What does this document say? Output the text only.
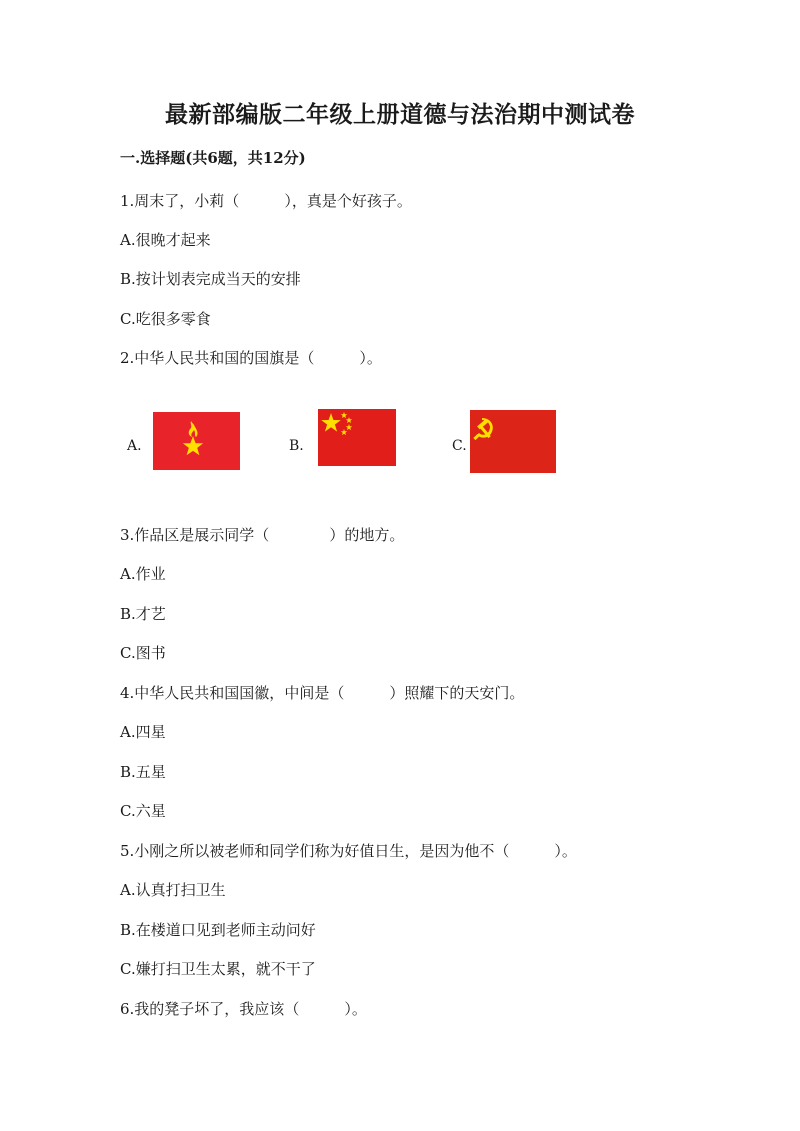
最新部编版二年级上册道德与法治期中测试卷
一.选择题(共6题，共12分)
1.周末了，小莉（　　　），真是个好孩子。
A.很晚才起来
B.按计划表完成当天的安排
C.吃很多零食
2.中华人民共和国的国旗是（　　　）。
A.	B.	C.
3.作品区是展示同学（　　　　）的地方。
A.作业
B.才艺
C.图书
4.中华人民共和国国徽，中间是（　　　）照耀下的天安门。
A.四星
B.五星
C.六星
5.小刚之所以被老师和同学们称为好值日生，是因为他不（　　　）。
A.认真打扫卫生
B.在楼道口见到老师主动问好
C.嫌打扫卫生太累，就不干了
6.我的凳子坏了，我应该（　　　）。
